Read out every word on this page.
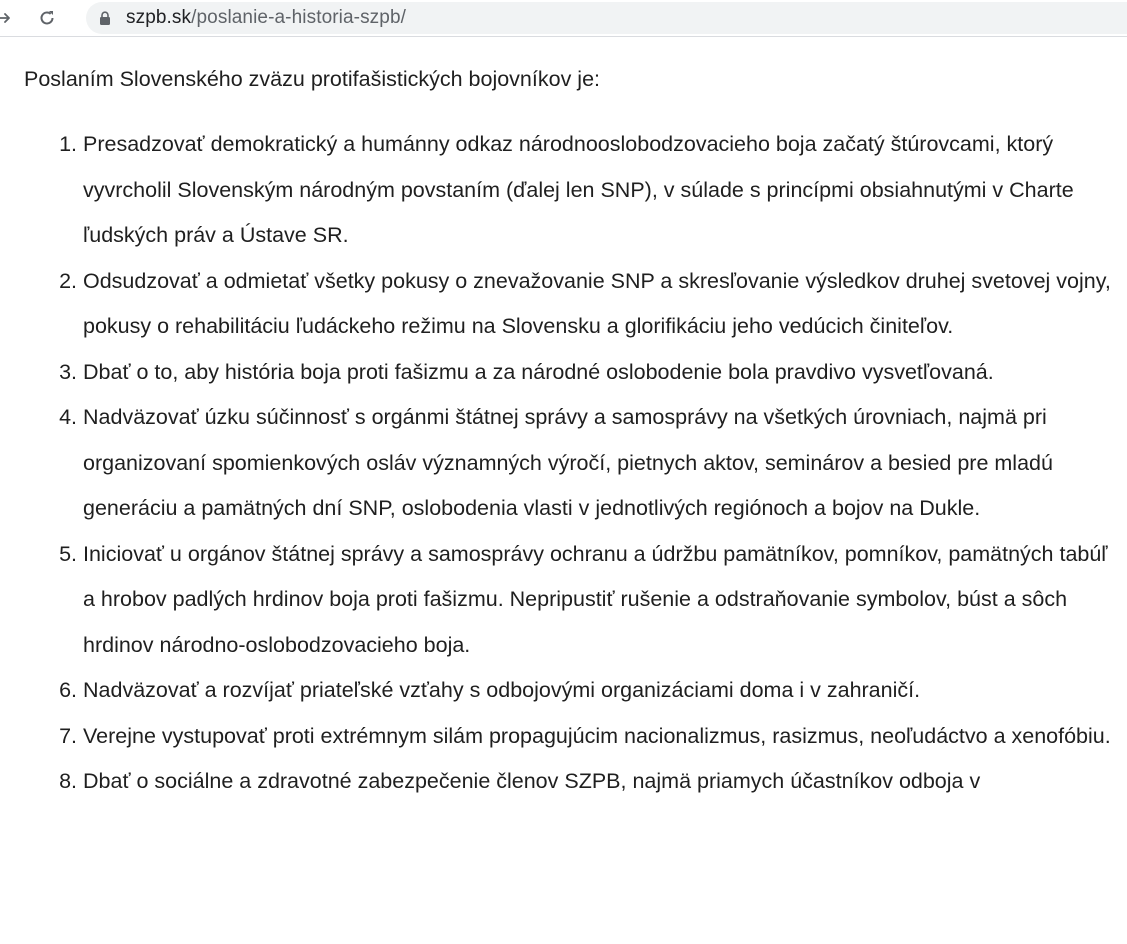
szpb.sk/poslanie-a-historia-szpb/

Poslaním Slovenského zväzu protifašistických bojovníkov je:

1. Presadzovať demokratický a humánny odkaz národnooslobodzovacieho boja začatý štúrovcami, ktorý vyvrcholil Slovenským národným povstaním (ďalej len SNP), v súlade s princípmi obsiahnutými v Charte ľudských práv a Ústave SR.
2. Odsudzovať a odmietať všetky pokusy o znevažovanie SNP a skresľovanie výsledkov druhej svetovej vojny, pokusy o rehabilitáciu ľudáckeho režimu na Slovensku a glorifikáciu jeho vedúcich činiteľov.
3. Dbať o to, aby história boja proti fašizmu a za národné oslobodenie bola pravdivo vysvetľovaná.
4. Nadväzovať úzku súčinnosť s orgánmi štátnej správy a samosprávy na všetkých úrovniach, najmä pri organizovaní spomienkových osláv významných výročí, pietnych aktov, seminárov a besied pre mladú generáciu a pamätných dní SNP, oslobodenia vlasti v jednotlivých regiónoch a bojov na Dukle.
5. Iniciovať u orgánov štátnej správy a samosprávy ochranu a údržbu pamätníkov, pomníkov, pamätných tabúľ a hrobov padlých hrdinov boja proti fašizmu. Nepripustiť rušenie a odstraňovanie symbolov, búst a sôch hrdinov národno-oslobodzovacieho boja.
6. Nadväzovať a rozvíjať priateľské vzťahy s odbojovými organizáciami doma i v zahraničí.
7. Verejne vystupovať proti extrémnym silám propagujúcim nacionalizmus, rasizmus, neoľudáctvo a xenofóbiu.
8. Dbať o sociálne a zdravotné zabezpečenie členov SZPB, najmä priamych účastníkov odboja v
